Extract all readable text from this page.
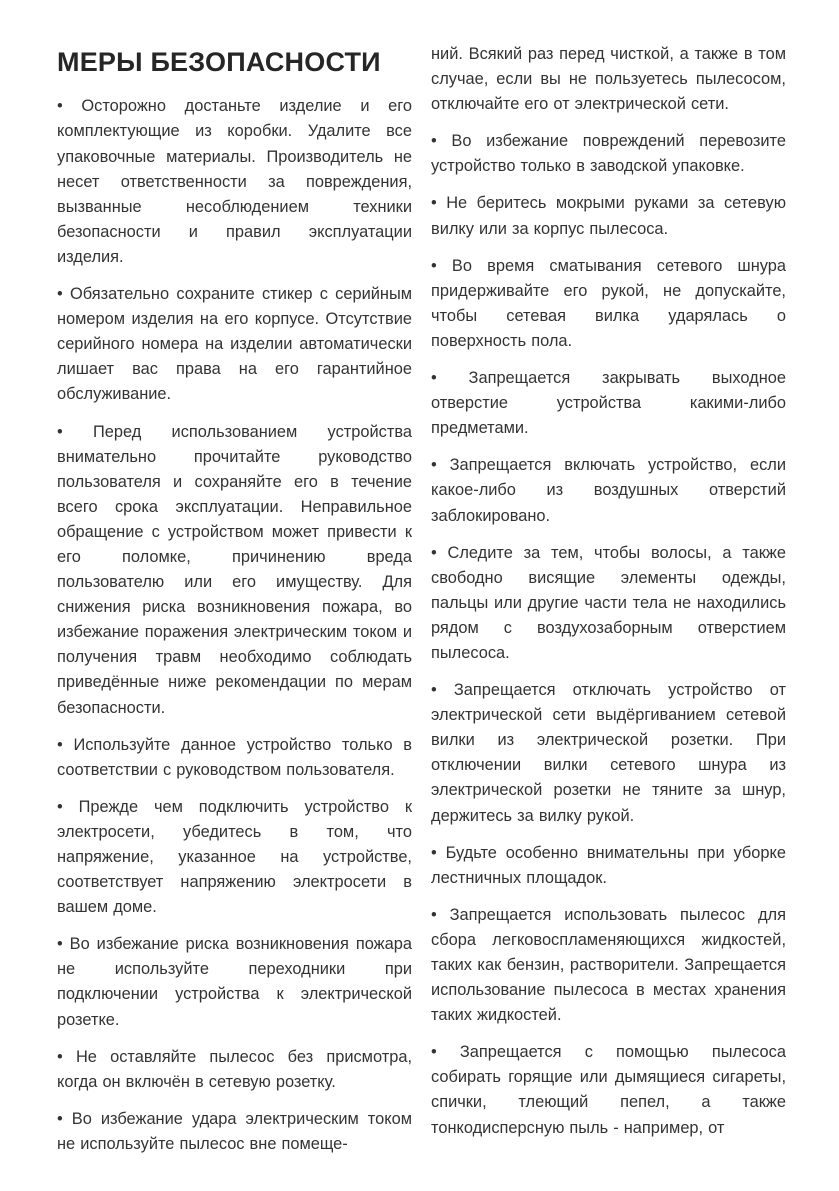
МЕРЫ БЕЗОПАСНОСТИ

• Осторожно достаньте изделие и его комплектующие из коробки. Удалите все упаковочные материалы. Производитель не несет ответственности за повреждения, вызванные несоблюдением техники безопасности и правил эксплуатации изделия.

• Обязательно сохраните стикер с серийным номером изделия на его корпусе. Отсутствие серийного номера на изделии автоматически лишает вас права на его гарантийное обслуживание.

• Перед использованием устройства внимательно прочитайте руководство пользователя и сохраняйте его в течение всего срока эксплуатации. Неправильное обращение с устройством может привести к его поломке, причинению вреда пользователю или его имуществу. Для снижения риска возникновения пожара, во избежание поражения электрическим током и получения травм необходимо соблюдать приведённые ниже рекомендации по мерам безопасности.

• Используйте данное устройство только в соответствии с руководством пользователя.

• Прежде чем подключить устройство к электросети, убедитесь в том, что напряжение, указанное на устройстве, соответствует напряжению электросети в вашем доме.

• Во избежание риска возникновения пожара не используйте переходники при подключении устройства к электрической розетке.

• Не оставляйте пылесос без присмотра, когда он включён в сетевую розетку.

• Во избежание удара электрическим током не используйте пылесос вне помеще-

ний. Всякий раз перед чисткой, а также в том случае, если вы не пользуетесь пылесосом, отключайте его от электрической сети.

• Во избежание повреждений перевозите устройство только в заводской упаковке.

• Не беритесь мокрыми руками за сетевую вилку или за корпус пылесоса.

• Во время сматывания сетевого шнура придерживайте его рукой, не допускайте, чтобы сетевая вилка ударялась о поверхность пола.

• Запрещается закрывать выходное отверстие устройства какими-либо предметами.

• Запрещается включать устройство, если какое-либо из воздушных отверстий заблокировано.

• Следите за тем, чтобы волосы, а также свободно висящие элементы одежды, пальцы или другие части тела не находились рядом с воздухозаборным отверстием пылесоса.

• Запрещается отключать устройство от электрической сети выдёргиванием сетевой вилки из электрической розетки. При отключении вилки сетевого шнура из электрической розетки не тяните за шнур, держитесь за вилку рукой.

• Будьте особенно внимательны при уборке лестничных площадок.

• Запрещается использовать пылесос для сбора легковоспламеняющихся жидкостей, таких как бензин, растворители. Запрещается использование пылесоса в местах хранения таких жидкостей.

• Запрещается с помощью пылесоса собирать горящие или дымящиеся сигареты, спички, тлеющий пепел, а также тонкодисперсную пыль - например, от
